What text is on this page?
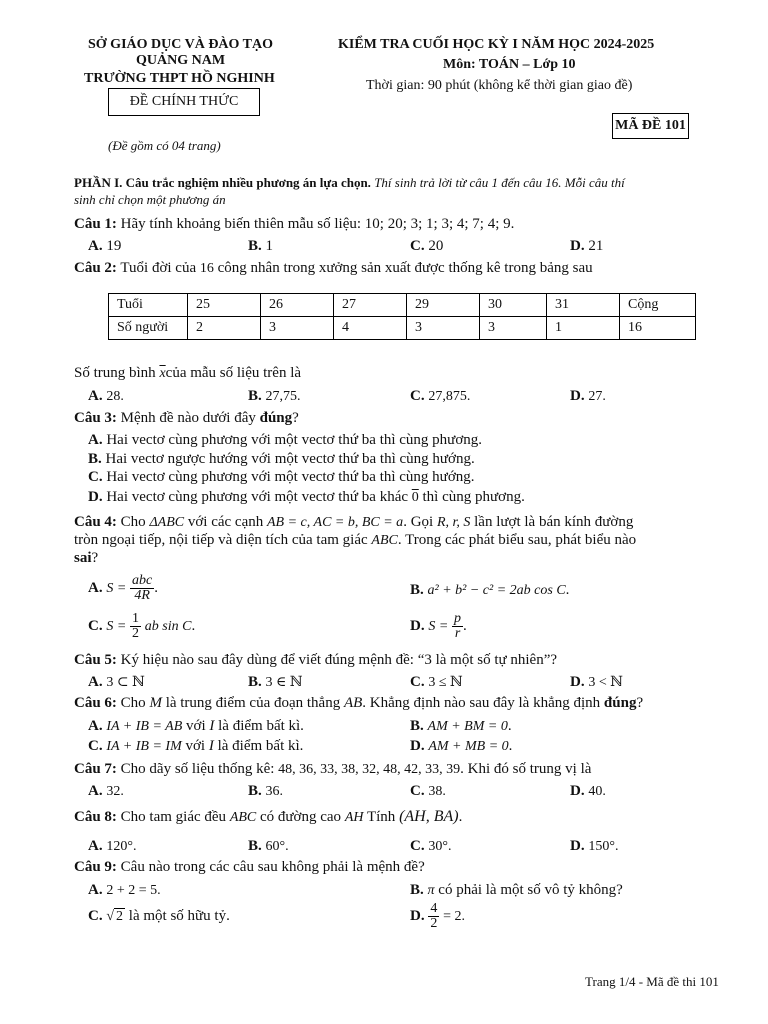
SỞ GIÁO DỤC VÀ ĐÀO TẠO
QUẢNG NAM
TRƯỜNG THPT HỒ NGHINH
ĐỀ CHÍNH THỨC
(Đề gồm có 04 trang)
KIỂM TRA CUỐI HỌC KỲ I NĂM HỌC 2024-2025
Môn: TOÁN – Lớp 10
Thời gian: 90 phút (không kể thời gian giao đề)
MÃ ĐỀ 101
PHẦN I. Câu trắc nghiệm nhiều phương án lựa chọn. Thí sinh trả lời từ câu 1 đến câu 16. Mỗi câu thí
sinh chỉ chọn một phương án
Câu 1: Hãy tính khoảng biến thiên mẫu số liệu: 10; 20; 3; 1; 3; 4; 7; 4; 9.
A. 19	B. 1	C. 20	D. 21
Câu 2: Tuổi đời của 16 công nhân trong xưởng sản xuất được thống kê trong bảng sau
Tuổi	25	26	27	29	30	31	Cộng
Số người	2	3	4	3	3	1	16
Số trung bình $\overline{x}của$ mẫu số liệu trên là
A. 28.	B. 27,75.	C. 27,875.	D. 27.
Câu 3: Mệnh đề nào dưới đây đúng?
A. Hai vectơ cùng phương với một vectơ thứ ba thì cùng phương.
B. Hai vectơ ngược hướng với một vectơ thứ ba thì cùng hướng.
C. Hai vectơ cùng phương với một vectơ thứ ba thì cùng hướng.
D. Hai vectơ cùng phương với một vectơ thứ ba khác 0 thì cùng phương.
Câu 4: Cho ΔABC với các cạnh AB = c, AC = b, BC = a. Gọi R, r, S lần lượt là bán kính đường
tròn ngoại tiếp, nội tiếp và diện tích của tam giác ABC. Trong các phát biểu sau, phát biểu nào
sai?
A. $S = \frac{\text{abc}}{4R}$ .	B. a² + b² − c² = 2ab cos C.
C. $S = \frac{1}{2}$ ab sin C.	D. $S = \frac{p}{r}$ .
Câu 5: Ký hiệu nào sau đây dùng để viết đúng mệnh đề: “3 là một số tự nhiên”?
A. 3 ⊂ ℕ	B. 3 ∈ ℕ	C. 3 ≤ ℕ	D. 3 < ℕ
Câu 6: Cho M là trung điểm của đoạn thẳng AB. Khẳng định nào sau đây là khẳng định đúng?
A. IA + IB = AB với I là điểm bất kì.	B. AM + BM = 0.
C. IA + IB = IM với I là điểm bất kì.	D. AM + MB = 0.
Câu 7: Cho dãy số liệu thống kê: 48, 36, 33, 38, 32, 48, 42, 33, 39. Khi đó số trung vị là
A. 32.	B. 36.	C. 38.	D. 40.
Câu 8: Cho tam giác đều ABC có đường cao AH Tính (AH, BA).
A. 120°.	B. 60°.	C. 30°.	D. 150°.
Câu 9: Câu nào trong các câu sau không phải là mệnh đề?
A. 2 + 2 = 5.	B. π có phải là một số vô tỷ không?
C. √ 2 là một số hữu tỷ.	D. $\frac{4}{2} = 2$.
Trang 1/4 - Mã đề thi 101
